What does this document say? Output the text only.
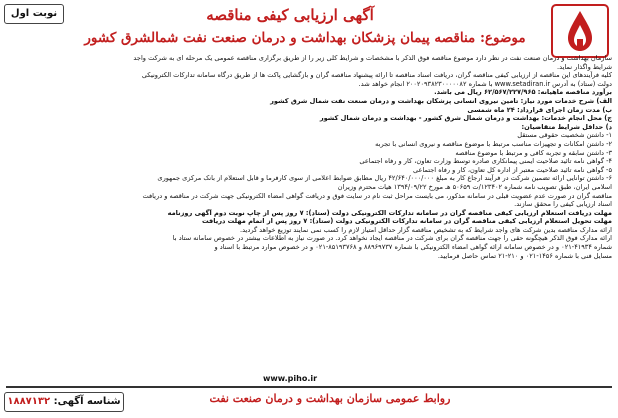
نوبت اول	آگهی ارزیابی کیفی مناقصه
موضوع: مناقصه پیمان پزشکان بهداشت و درمان صنعت نفت شمالشرق کشور
سازمان بهداشت و درمان صنعت نفت در نظر دارد موضوع مناقصه فوق الذکر با مشخصات و شرایط کلی زیر را از طریق برگزاری مناقصه عمومی یک مرحله ای به شرکت واجد
شرایط واگذار نماید.
کلیه فرآیندهای این مناقصه از ارزیابی کیفی مناقصه گران، دریافت اسناد مناقصه تا ارائه پیشنهاد مناقصه گران و بازگشایی پاکت ها از طریق درگاه سامانه تدارکات الکترونیکی
دولت (ستاد) به آدرس www.setadiran.ir با شماره ۲۰۰۲۰۹۳۸۲۳۰۰۰۰۰۸۲ انجام خواهد شد.
برآورد مناقصه ماهیانه: ۶۲/۵۶۷/۲۲۷/۹۶۵ ریال می باشد.
الف) شرح خدمات مورد نیاز: تامین نیروی انسانی پزشکان بهداشت و درمان صنعت نفت شمال شرق کشور
ب) مدت زمان اجرای قرارداد: ۲۴ ماه شمسی
ج) محل انجام خدمات: بهداشت و درمان شمال شرق کشور - بهداشت و درمان شمال کشور
د) حداقل شرایط متقاضیان:
۱- داشتن شخصیت حقوقی مستقل
۲- داشتن امکانات و تجهیزات مناسب مرتبط با موضوع مناقصه و نیروی انسانی با تجربه
۳- داشتن سابقه و تجربه کافی و مرتبط با موضوع مناقصه
۴- گواهی نامه تائید صلاحیت ایمنی پیمانکاری صادره توسط وزارت تعاون، کار و رفاه اجتماعی
۵- گواهی نامه تائید صلاحیت معتبر از اداره کل تعاون، کار و رفاه اجتماعی
۶- داشتن توانایی ارائه تضمین شرکت در فرآیند ارجاع کار به مبلغ ۴۲/۶۴۰/۰۰۰/۰۰۰ ریال مطابق ضوابط اعلامی از سوی کارفرما و قابل استعلام از بانک مرکزی جمهوری
اسلامی ایران، طبق تصویب نامه شماره ۱۲۳۴۰۲/ت ۵۰۶۵۹ هـ مورخ ۱۳۹۴/۰۹/۲۲ هیات محترم وزیران
مناقصه گران در صورت عدم عضویت قبلی در سامانه مذکور، می بایست مراحل ثبت نام در سایت فوق و دریافت گواهی امضاء الکترونیکی جهت شرکت در مناقصه و دریافت
اسناد ارزیابی کیفی را محقق سازند.
مهلت دریافت استعلام ارزیابی کیفی مناقصه گران در سامانه تدارکات الکترونیکی دولت (ستاد): ۷ روز پس از چاپ نوبت دوم آگهی روزنامه
مهلت تحویل استعلام ارزیابی کیفی مناقصه گران در سامانه تدارکات الکترونیکی دولت (ستاد): ۷ روز پس از اتمام مهلت دریافت
ارائه مدارک مناقصه بدین شرکت های واجد شرایط که به تشخیص مناقصه گزار حداقل امتیاز لازم را کسب نمی نمایند توزیع خواهد گردید.
ارائه مدارک فوق الذکر هیچگونه حقی را جهت مناقصه گران برای شرکت در مناقصه ایجاد نخواهد کرد. در صورت نیاز به اطلاعات بیشتر در خصوص سامانه ستاد با
شماره ۴۱۹۳۴-۰۲۱ و در خصوص سامانه ارائه گواهی امضاء الکترونیکی با شماره ۸۸۹۶۹۷۳۷ و ۸۵۱۹۳۷۶۸-۰۲۱ و در خصوص موارد مرتبط با اسناد و
مسایل فنی با شماره ۱۴۵۶-۰۲۱ و ۲۱۰-۲۱ تماس حاصل فرمایید.
www.piho.ir
روابط عمومی سازمان بهداشت و درمان صنعت نفت
شناسه آگهی: ۱۸۸۷۱۳۲
